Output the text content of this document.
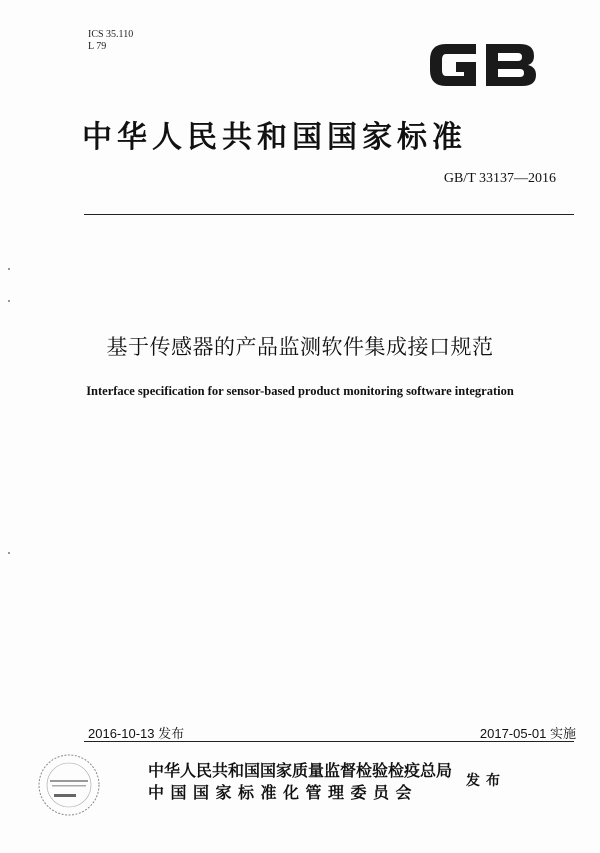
ICS 35.110
L 79
中华人民共和国国家标准
GB/T 33137—2016
基于传感器的产品监测软件集成接口规范
Interface specification for sensor-based product monitoring software integration
2016-10-13 发布	2017-05-01 实施
中华人民共和国国家质量监督检验检疫总局
中国国家标准化管理委员会
发布
